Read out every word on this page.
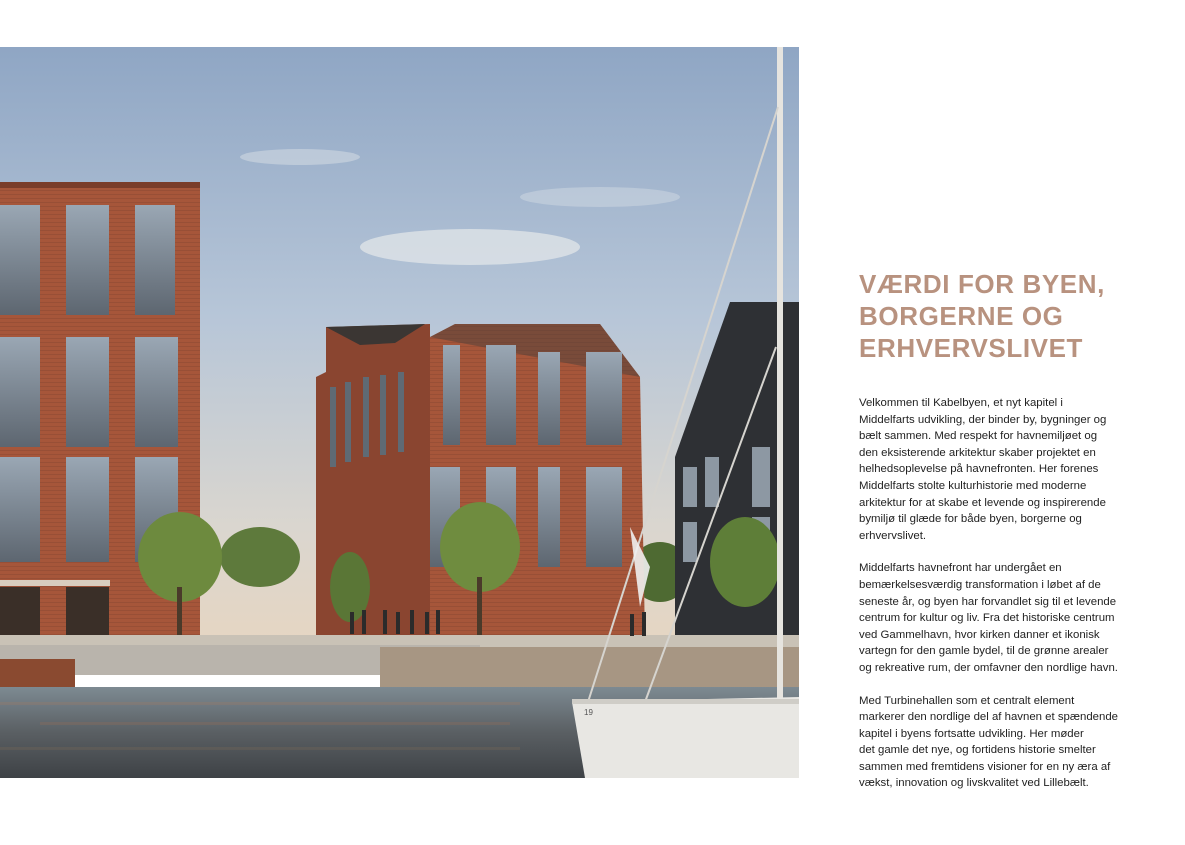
19
VÆRDI FOR BYEN,
BORGERNE OG
ERHVERVSLIVET

Velkommen til Kabelbyen, et nyt kapitel i
Middelfarts udvikling, der binder by, bygninger og
bælt sammen. Med respekt for havnemiljøet og
den eksisterende arkitektur skaber projektet en
helhedsoplevelse på havnefronten. Her forenes
Middelfarts stolte kulturhistorie med moderne
arkitektur for at skabe et levende og inspirerende
bymiljø til glæde for både byen, borgerne og
erhvervslivet.

Middelfarts havnefront har undergået en
bemærkelsesværdig transformation i løbet af de
seneste år, og byen har forvandlet sig til et levende
centrum for kultur og liv. Fra det historiske centrum
ved Gammelhavn, hvor kirken danner et ikonisk
vartegn for den gamle bydel, til de grønne arealer
og rekreative rum, der omfavner den nordlige havn.

Med Turbinehallen som et centralt element
markerer den nordlige del af havnen et spændende
kapitel i byens fortsatte udvikling. Her møder
det gamle det nye, og fortidens historie smelter
sammen med fremtidens visioner for en ny æra af
vækst, innovation og livskvalitet ved Lillebælt.
